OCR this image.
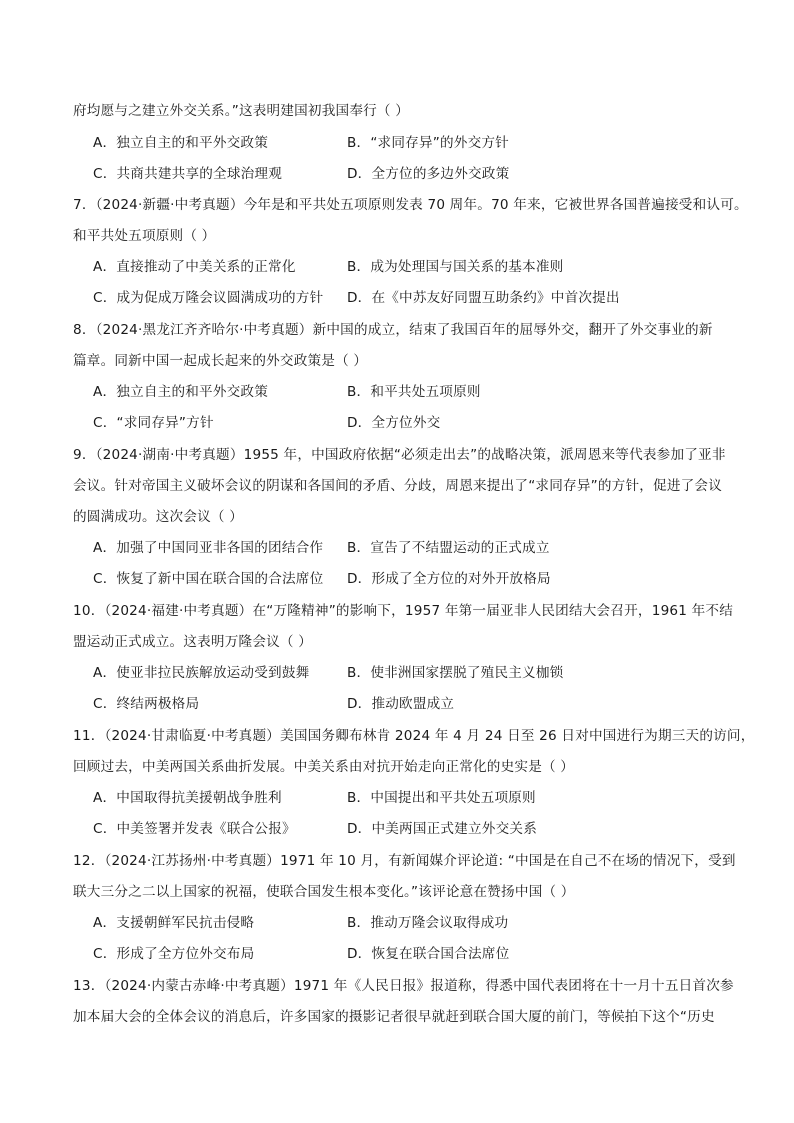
府均愿与之建立外交关系。”这表明建国初我国奉行（ ）
A．独立自主的和平外交政策	B．“求同存异”的外交方针
C．共商共建共享的全球治理观	D．全方位的多边外交政策
7．（2024·新疆·中考真题）今年是和平共处五项原则发表 70 周年。70 年来，它被世界各国普遍接受和认可。
和平共处五项原则（ ）
A．直接推动了中美关系的正常化	B．成为处理国与国关系的基本准则
C．成为促成万隆会议圆满成功的方针 D．在《中苏友好同盟互助条约》中首次提出
8．（2024·黑龙江齐齐哈尔·中考真题）新中国的成立，结束了我国百年的屈辱外交，翻开了外交事业的新
篇章。同新中国一起成长起来的外交政策是（ ）
A．独立自主的和平外交政策	B．和平共处五项原则
C．“求同存异”方针	D．全方位外交
9．（2024·湖南·中考真题）1955 年，中国政府依据“必须走出去”的战略决策，派周恩来等代表参加了亚非
会议。针对帝国主义破坏会议的阴谋和各国间的矛盾、分歧，周恩来提出了“求同存异”的方针，促进了会议
的圆满成功。这次会议（ ）
A．加强了中国同亚非各国的团结合作 B．宣告了不结盟运动的正式成立
C．恢复了新中国在联合国的合法席位 D．形成了全方位的对外开放格局
10．（2024·福建·中考真题）在“万隆精神”的影响下，1957 年第一届亚非人民团结大会召开，1961 年不结
盟运动正式成立。这表明万隆会议（ ）
A．使亚非拉民族解放运动受到鼓舞	B．使非洲国家摆脱了殖民主义枷锁
C．终结两极格局	D．推动欧盟成立
11．（2024·甘肃临夏·中考真题）美国国务卿布林肯 2024 年 4 月 24 日至 26 日对中国进行为期三天的访问，
回顾过去，中美两国关系曲折发展。中美关系由对抗开始走向正常化的史实是（ ）
A．中国取得抗美援朝战争胜利	B．中国提出和平共处五项原则
C．中美签署并发表《联合公报》	D．中美两国正式建立外交关系
12．（2024·江苏扬州·中考真题）1971 年 10 月，有新闻媒介评论道: “中国是在自己不在场的情况下，受到
联大三分之二以上国家的祝福，使联合国发生根本变化。”该评论意在赞扬中国（ ）
A．支援朝鲜军民抗击侵略	B．推动万隆会议取得成功
C．形成了全方位外交布局	D．恢复在联合国合法席位
13．（2024·内蒙古赤峰·中考真题）1971 年《人民日报》报道称，得悉中国代表团将在十一月十五日首次参
加本届大会的全体会议的消息后，许多国家的摄影记者很早就赶到联合国大厦的前门，等候拍下这个“历史
